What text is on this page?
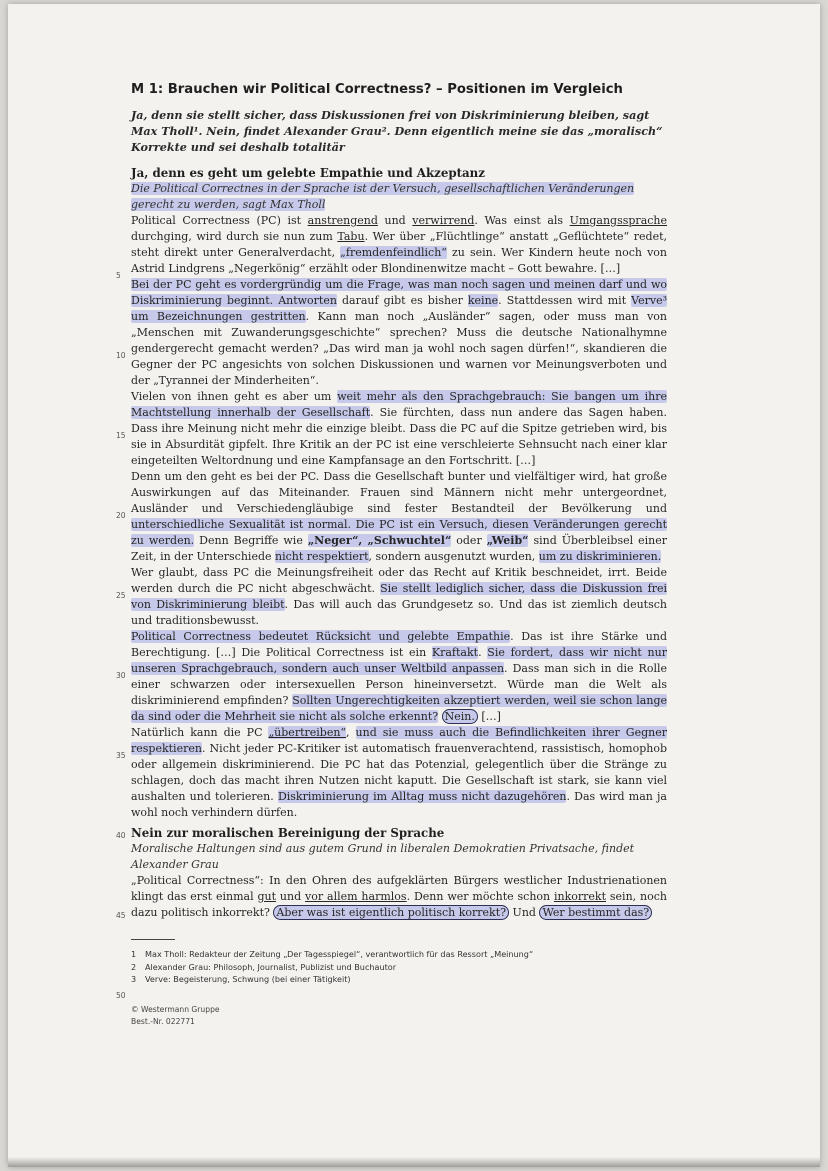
5
10
15
20
25
30
35
40
45
50
M 1: Brauchen wir Political Correctness? – Positionen im Vergleich

Ja, denn sie stellt sicher, dass Diskussionen frei von Diskriminierung bleiben, sagt Max Tholl¹. Nein, findet Alexander Grau². Denn eigentlich meine sie das „moralisch“ Korrekte und sei deshalb totalitär

Ja, denn es geht um gelebte Empathie und Akzeptanz

Die Political Correctnes in der Sprache ist der Versuch, gesellschaftlichen Veränderungen gerecht zu werden, sagt Max Tholl

Political Correctness (PC) ist anstrengend und verwirrend. Was einst als Umgangssprache durchging, wird durch sie nun zum Tabu. Wer über „Flüchtlinge“ anstatt „Geflüchtete“ redet, steht direkt unter Generalverdacht, „fremdenfeindlich“ zu sein. Wer Kindern heute noch von Astrid Lindgrens „Negerkönig“ erzählt oder Blondinenwitze macht – Gott bewahre. […]

Bei der PC geht es vordergründig um die Frage, was man noch sagen und meinen darf und wo Diskriminierung beginnt. Antworten darauf gibt es bisher keine. Stattdessen wird mit Verve³ um Bezeichnungen gestritten. Kann man noch „Ausländer“ sagen, oder muss man von „Menschen mit Zuwanderungsgeschichte“ sprechen? Muss die deutsche Nationalhymne gendergerecht gemacht werden? „Das wird man ja wohl noch sagen dürfen!“, skandieren die Gegner der PC angesichts von solchen Diskussionen und warnen vor Meinungsverboten und der „Tyrannei der Minderheiten“.

Vielen von ihnen geht es aber um weit mehr als den Sprachgebrauch: Sie bangen um ihre Machtstellung innerhalb der Gesellschaft. Sie fürchten, dass nun andere das Sagen haben. Dass ihre Meinung nicht mehr die einzige bleibt. Dass die PC auf die Spitze getrieben wird, bis sie in Absurdität gipfelt. Ihre Kritik an der PC ist eine verschleierte Sehnsucht nach einer klar eingeteilten Weltordnung und eine Kampfansage an den Fortschritt. […]

Denn um den geht es bei der PC. Dass die Gesellschaft bunter und vielfältiger wird, hat große Auswirkungen auf das Miteinander. Frauen sind Männern nicht mehr untergeordnet, Ausländer und Verschiedengläubige sind fester Bestandteil der Bevölkerung und unterschiedliche Sexualität ist normal. Die PC ist ein Versuch, diesen Veränderungen gerecht zu werden. Denn Begriffe wie „Neger“, „Schwuchtel“ oder „Weib“ sind Überbleibsel einer Zeit, in der Unterschiede nicht respektiert, sondern ausgenutzt wurden, um zu diskriminieren.

Wer glaubt, dass PC die Meinungsfreiheit oder das Recht auf Kritik beschneidet, irrt. Beide werden durch die PC nicht abgeschwächt. Sie stellt lediglich sicher, dass die Diskussion frei von Diskriminierung bleibt. Das will auch das Grundgesetz so. Und das ist ziemlich deutsch und traditionsbewusst.

Political Correctness bedeutet Rücksicht und gelebte Empathie. Das ist ihre Stärke und Berechtigung. […] Die Political Correctness ist ein Kraftakt. Sie fordert, dass wir nicht nur unseren Sprachgebrauch, sondern auch unser Weltbild anpassen. Dass man sich in die Rolle einer schwarzen oder intersexuellen Person hineinversetzt. Würde man die Welt als diskriminierend empfinden? Sollten Ungerechtigkeiten akzeptiert werden, weil sie schon lange da sind oder die Mehrheit sie nicht als solche erkennt? Nein. […]

Natürlich kann die PC „übertreiben“, und sie muss auch die Befindlichkeiten ihrer Gegner respektieren. Nicht jeder PC-Kritiker ist automatisch frauenverachtend, rassistisch, homophob oder allgemein diskriminierend. Die PC hat das Potenzial, gelegentlich über die Stränge zu schlagen, doch das macht ihren Nutzen nicht kaputt. Die Gesellschaft ist stark, sie kann viel aushalten und tolerieren. Diskriminierung im Alltag muss nicht dazugehören. Das wird man ja wohl noch verhindern dürfen.

Nein zur moralischen Bereinigung der Sprache

Moralische Haltungen sind aus gutem Grund in liberalen Demokratien Privatsache, findet Alexander Grau

„Political Correctness“: In den Ohren des aufgeklärten Bürgers westlicher Industrienationen klingt das erst einmal gut und vor allem harmlos. Denn wer möchte schon inkorrekt sein, noch dazu politisch inkorrekt? Aber was ist eigentlich politisch korrekt? Und Wer bestimmt das?

1 Max Tholl: Redakteur der Zeitung „Der Tagesspiegel“, verantwortlich für das Ressort „Meinung“
2 Alexander Grau: Philosoph, Journalist, Publizist und Buchautor
3 Verve: Begeisterung, Schwung (bei einer Tätigkeit)
© Westermann Gruppe
Best.-Nr. 022771
